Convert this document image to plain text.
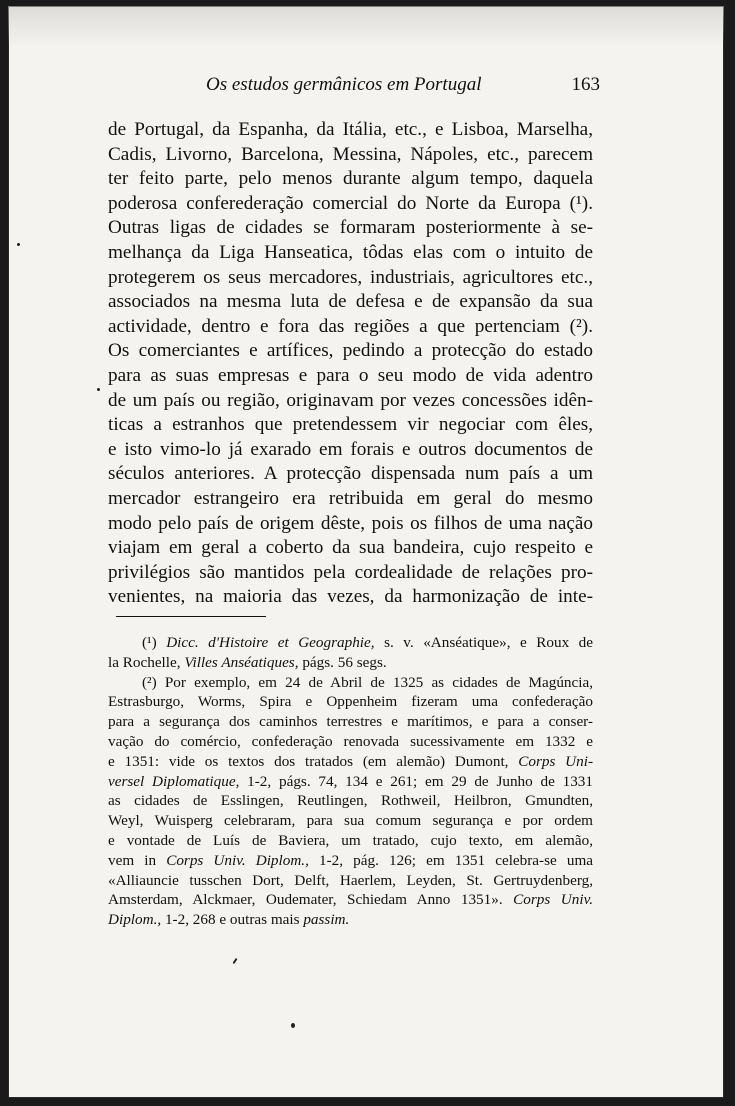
Os estudos germânicos em Portugal	163
de Portugal, da Espanha, da Itália, etc., e Lisboa, Marselha,
Cadis, Livorno, Barcelona, Messina, Nápoles, etc., parecem
ter feito parte, pelo menos durante algum tempo, daquela
poderosa conferederação comercial do Norte da Europa (¹).
Outras ligas de cidades se formaram posteriormente à se-
melhança da Liga Hanseatica, tôdas elas com o intuito de
protegerem os seus mercadores, industriais, agricultores etc.,
associados na mesma luta de defesa e de expansão da sua
actividade, dentro e fora das regiões a que pertenciam (²).
Os comerciantes e artífices, pedindo a protecção do estado
para as suas empresas e para o seu modo de vida adentro
de um país ou região, originavam por vezes concessões idên-
ticas a estranhos que pretendessem vir negociar com êles,
e isto vimo-lo já exarado em forais e outros documentos de
séculos anteriores. A protecção dispensada num país a um
mercador estrangeiro era retribuida em geral do mesmo
modo pelo país de origem dêste, pois os filhos de uma nação
viajam em geral a coberto da sua bandeira, cujo respeito e
privilégios são mantidos pela cordealidade de relações pro-
venientes, na maioria das vezes, da harmonização de inte-
(¹) Dicc. d'Histoire et Geographie, s. v. «Anséatique», e Roux de
la Rochelle, Villes Anséatiques, págs. 56 segs.
(²) Por exemplo, em 24 de Abril de 1325 as cidades de Magúncia,
Estrasburgo, Worms, Spira e Oppenheim fizeram uma confederação
para a segurança dos caminhos terrestres e marítimos, e para a conser-
vação do comércio, confederação renovada sucessivamente em 1332 e
e 1351: vide os textos dos tratados (em alemão) Dumont, Corps Uni-
versel Diplomatique, 1-2, págs. 74, 134 e 261; em 29 de Junho de 1331
as cidades de Esslingen, Reutlingen, Rothweil, Heilbron, Gmundten,
Weyl, Wuisperg celebraram, para sua comum segurança e por ordem
e vontade de Luís de Baviera, um tratado, cujo texto, em alemão,
vem in Corps Univ. Diplom., 1-2, pág. 126; em 1351 celebra-se uma
«Alliauncie tusschen Dort, Delft, Haerlem, Leyden, St. Gertruydenberg,
Amsterdam, Alckmaer, Oudemater, Schiedam Anno 1351». Corps Univ.
Diplom., 1-2, 268 e outras mais passim.
